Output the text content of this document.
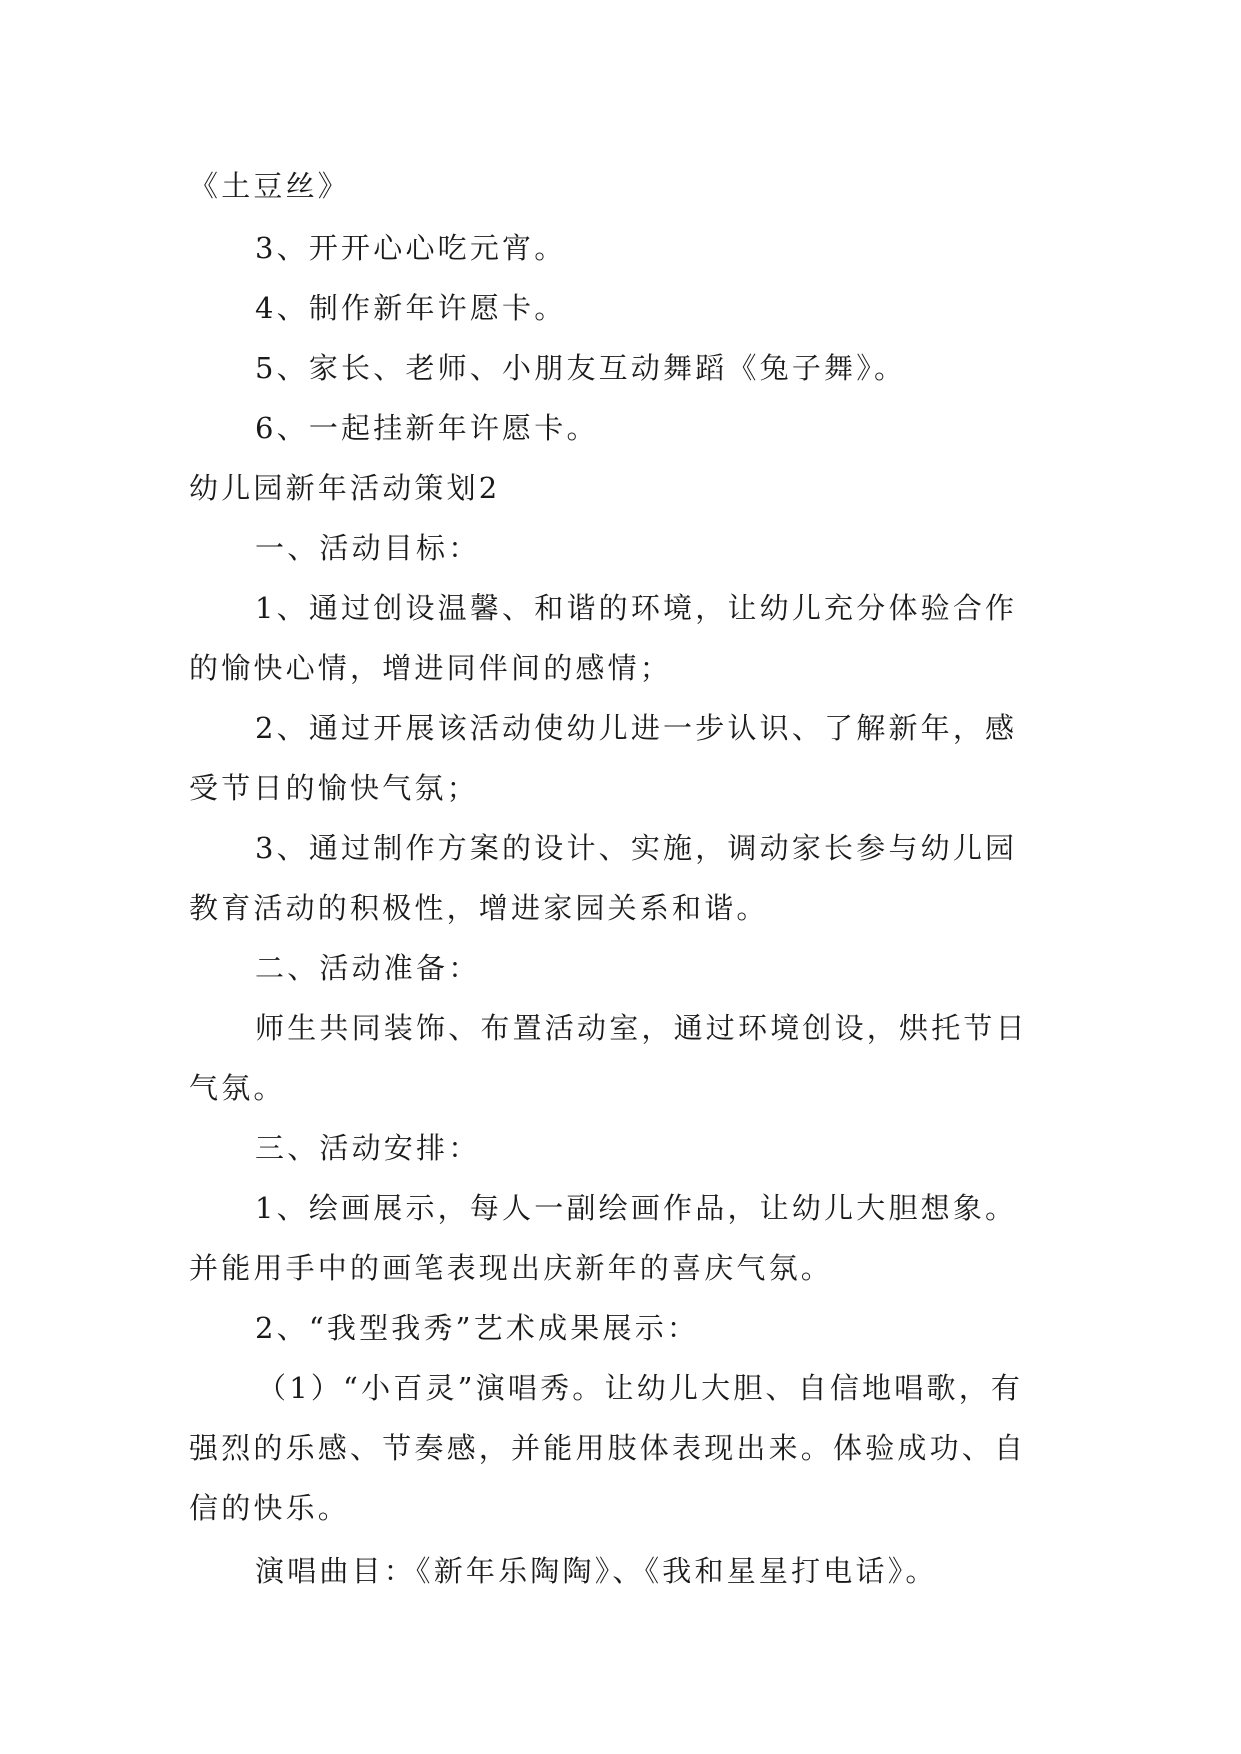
《土豆丝》
3、开开心心吃元宵。
4、制作新年许愿卡。
5、家长、老师、小朋友互动舞蹈《兔子舞》。
6、一起挂新年许愿卡。
幼儿园新年活动策划2
一、活动目标：
1、通过创设温馨、和谐的环境，让幼儿充分体验合作
的愉快心情，增进同伴间的感情；
2、通过开展该活动使幼儿进一步认识、了解新年，感
受节日的愉快气氛；
3、通过制作方案的设计、实施，调动家长参与幼儿园
教育活动的积极性，增进家园关系和谐。
二、活动准备：
师生共同装饰、布置活动室，通过环境创设，烘托节日
气氛。
三、活动安排：
1、绘画展示，每人一副绘画作品，让幼儿大胆想象。
并能用手中的画笔表现出庆新年的喜庆气氛。
2、“我型我秀”艺术成果展示：
（1）“小百灵”演唱秀。让幼儿大胆、自信地唱歌，有
强烈的乐感、节奏感，并能用肢体表现出来。体验成功、自
信的快乐。
演唱曲目：《新年乐陶陶》、《我和星星打电话》。
